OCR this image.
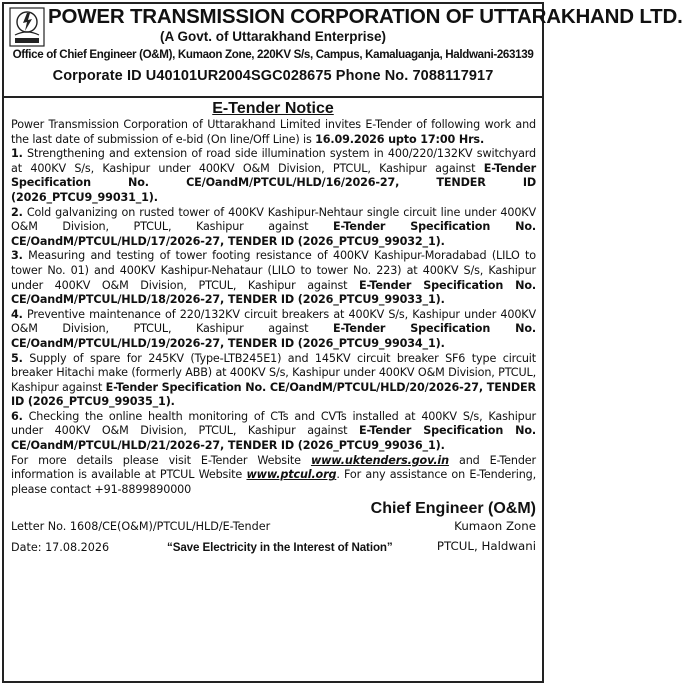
POWER TRANSMISSION CORPORATION OF UTTARAKHAND LTD.
(A Govt. of Uttarakhand Enterprise)
Office of Chief Engineer (O&M), Kumaon Zone, 220KV S/s, Campus, Kamaluaganja, Haldwani-263139
Corporate ID U40101UR2004SGC028675 Phone No. 7088117917
E-Tender Notice

Power Transmission Corporation of Uttarakhand Limited invites E-Tender of following work and the last date of submission of e-bid (On line/Off Line) is 16.09.2026 upto 17:00 Hrs.

1. Strengthening and extension of road side illumination system in 400/220/132KV switchyard at 400KV S/s, Kashipur under 400KV O&M Division, PTCUL, Kashipur against E-Tender Specification No. CE/OandM/PTCUL/HLD/16/2026-27, TENDER ID (2026_PTCU9_99031_1).

2. Cold galvanizing on rusted tower of 400KV Kashipur-Nehtaur single circuit line under 400KV O&M Division, PTCUL, Kashipur against E-Tender Specification No. CE/OandM/PTCUL/HLD/17/2026-27, TENDER ID (2026_PTCU9_99032_1).

3. Measuring and testing of tower footing resistance of 400KV Kashipur-Moradabad (LILO to tower No. 01) and 400KV Kashipur-Nehataur (LILO to tower No. 223) at 400KV S/s, Kashipur under 400KV O&M Division, PTCUL, Kashipur against E-Tender Specification No. CE/OandM/PTCUL/HLD/18/2026-27, TENDER ID (2026_PTCU9_99033_1).

4. Preventive maintenance of 220/132KV circuit breakers at 400KV S/s, Kashipur under 400KV O&M Division, PTCUL, Kashipur against E-Tender Specification No. CE/OandM/PTCUL/HLD/19/2026-27, TENDER ID (2026_PTCU9_99034_1).

5. Supply of spare for 245KV (Type-LTB245E1) and 145KV circuit breaker SF6 type circuit breaker Hitachi make (formerly ABB) at 400KV S/s, Kashipur under 400KV O&M Division, PTCUL, Kashipur against E-Tender Specification No. CE/OandM/PTCUL/HLD/20/2026-27, TENDER ID (2026_PTCU9_99035_1).

6. Checking the online health monitoring of CTs and CVTs installed at 400KV S/s, Kashipur under 400KV O&M Division, PTCUL, Kashipur against E-Tender Specification No. CE/OandM/PTCUL/HLD/21/2026-27, TENDER ID (2026_PTCU9_99036_1).

For more details please visit E-Tender Website www.uktenders.gov.in and E-Tender information is available at PTCUL Website www.ptcul.org. For any assistance on E-Tendering, please contact +91-8899890000

Chief Engineer (O&M)
Kumaon Zone
PTCUL, Haldwani
Letter No. 1608/CE(O&M)/PTCUL/HLD/E-Tender
Date: 17.08.2026	“Save Electricity in the Interest of Nation”
